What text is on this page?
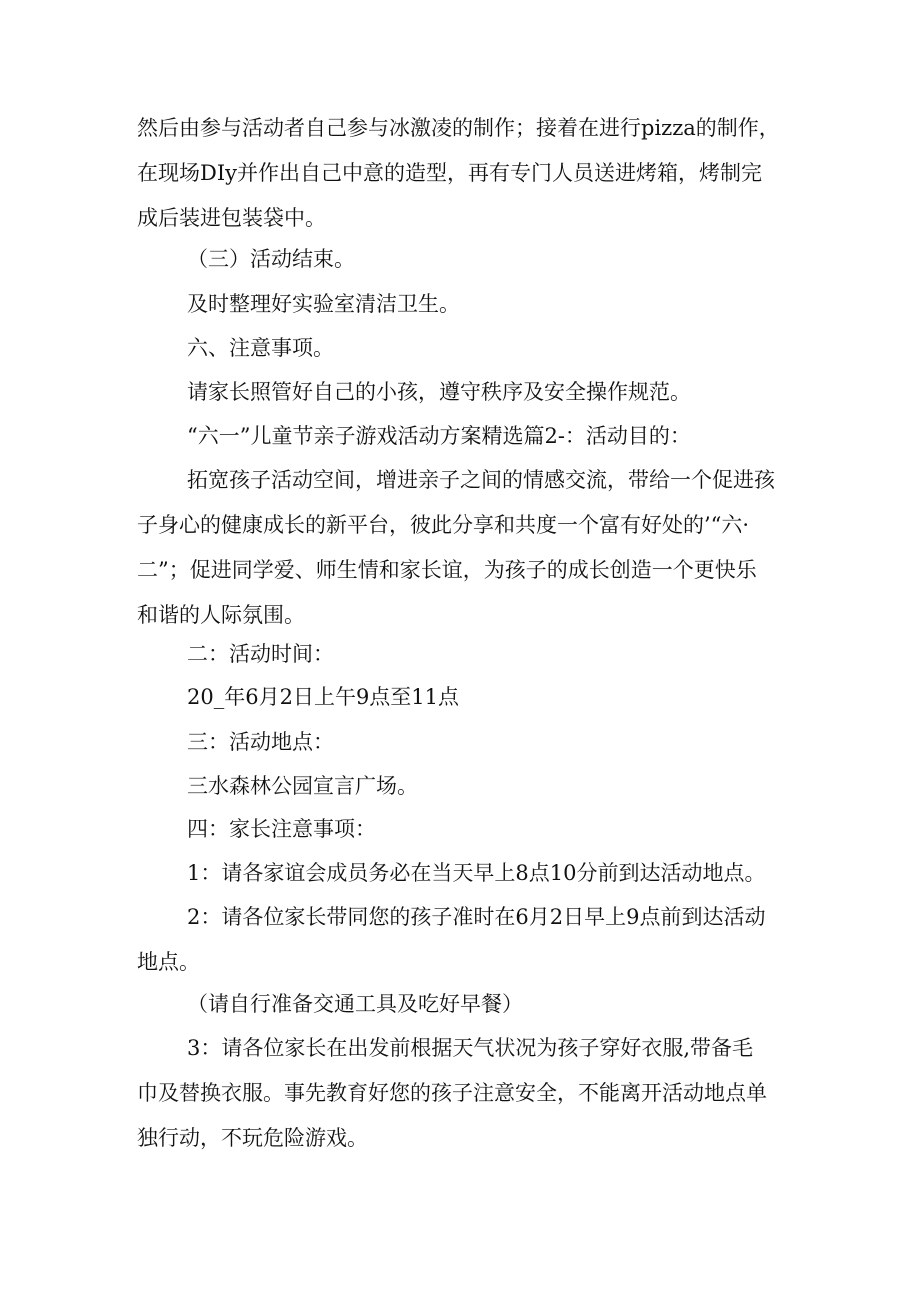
然后由参与活动者自己参与冰激凌的制作；接着在进行pizza的制作，
在现场DIy并作出自己中意的造型，再有专门人员送进烤箱，烤制完
成后装进包装袋中。

（三）活动结束。

及时整理好实验室清洁卫生。

六、注意事项。

请家长照管好自己的小孩，遵守秩序及安全操作规范。

“六一”儿童节亲子游戏活动方案精选篇2-：活动目的：

拓宽孩子活动空间，增进亲子之间的情感交流，带给一个促进孩
子身心的健康成长的新平台，彼此分享和共度一个富有好处的’“六·
二”；促进同学爱、师生情和家长谊，为孩子的成长创造一个更快乐
和谐的人际氛围。

二：活动时间：

20_年6月2日上午9点至11点

三：活动地点：

三水森林公园宣言广场。

四：家长注意事项：

1：请各家谊会成员务必在当天早上8点10分前到达活动地点。

2：请各位家长带同您的孩子准时在6月2日早上9点前到达活动
地点。

（请自行准备交通工具及吃好早餐）

3：请各位家长在出发前根据天气状况为孩子穿好衣服,带备毛
巾及替换衣服。事先教育好您的孩子注意安全，不能离开活动地点单
独行动，不玩危险游戏。
